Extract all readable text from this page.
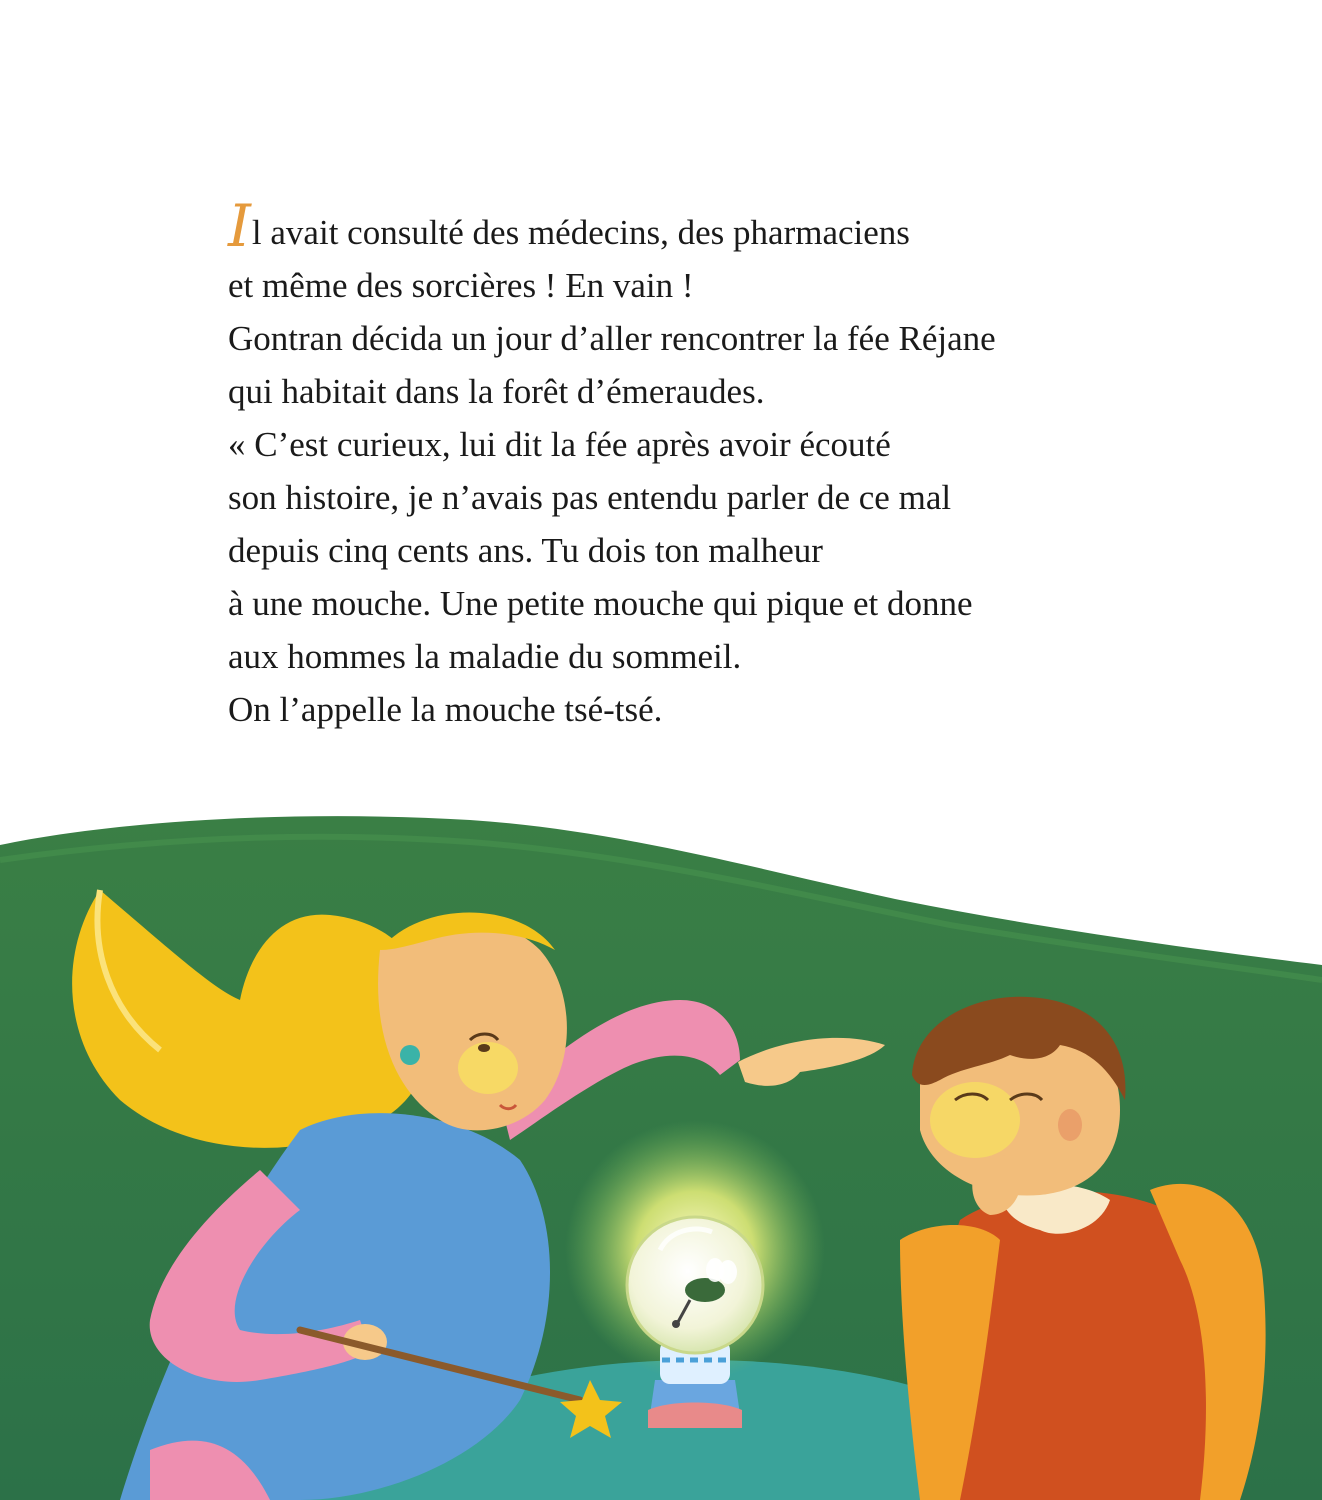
Il avait consulté des médecins, des pharmaciens
et même des sorcières ! En vain !
Gontran décida un jour d’aller rencontrer la fée Réjane
qui habitait dans la forêt d’émeraudes.
« C’est curieux, lui dit la fée après avoir écouté
son histoire, je n’avais pas entendu parler de ce mal
depuis cinq cents ans. Tu dois ton malheur
à une mouche. Une petite mouche qui pique et donne
aux hommes la maladie du sommeil.
On l’appelle la mouche tsé-tsé.
